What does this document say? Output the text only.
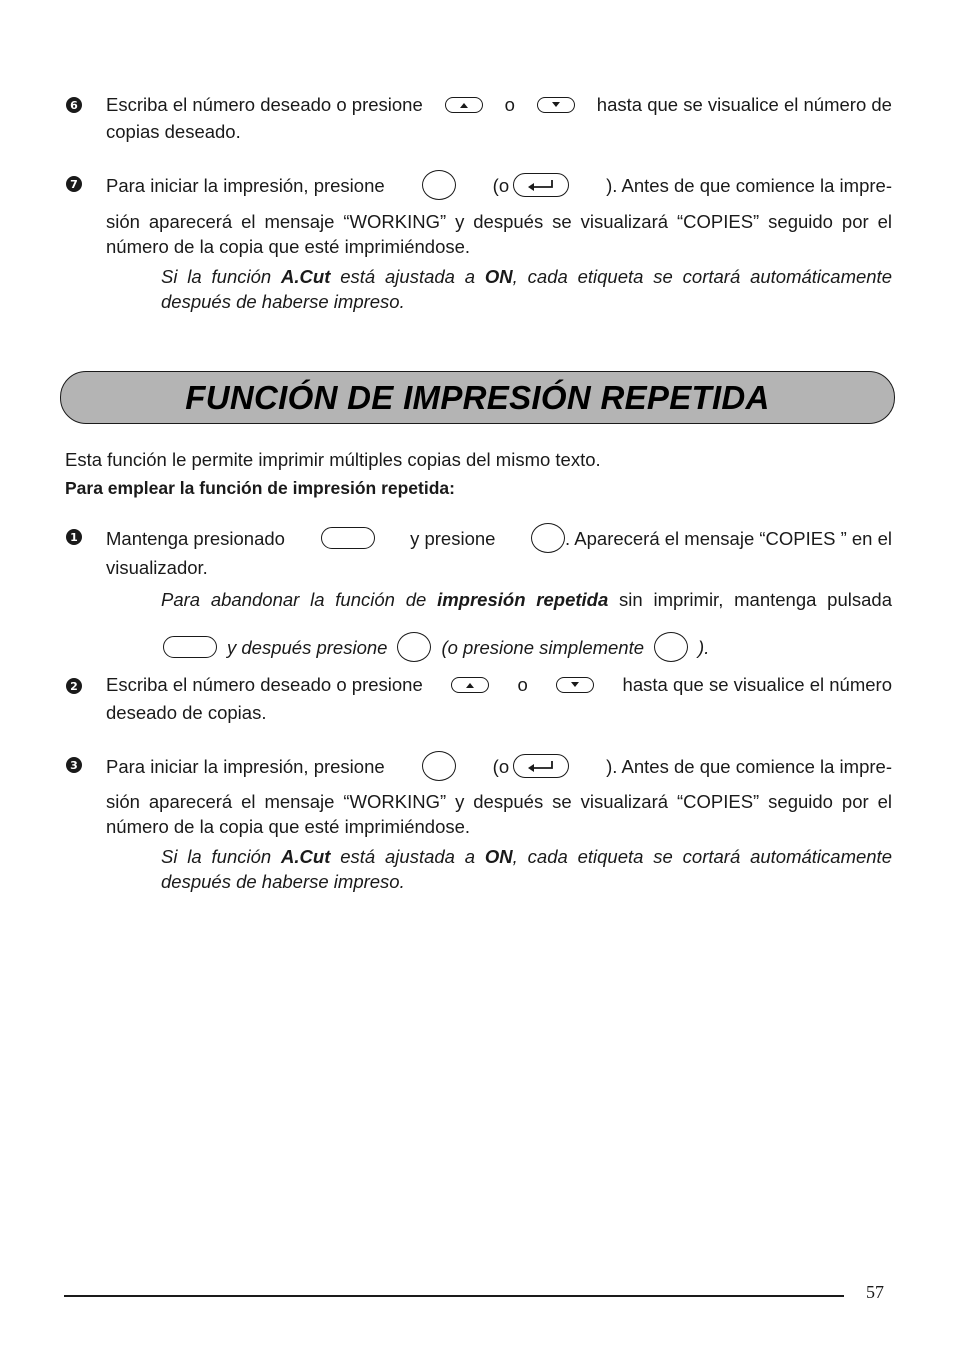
6 Escriba el número deseado o presione	o	hasta que se visualice el número de
copias deseado.
7 Para iniciar la impresión, presione	(o	). Antes de que comience la impre-
sión aparecerá el mensaje “WORKING” y después se visualizará “COPIES” seguido por el
número de la copia que esté imprimiéndose.
Si la función A.Cut está ajustada a ON, cada etiqueta se cortará automáticamente
después de haberse impreso.
FUNCIÓN DE IMPRESIÓN REPETIDA
Esta función le permite imprimir múltiples copias del mismo texto.
Para emplear la función de impresión repetida:
1 Mantenga presionado	y presione	. Aparecerá el mensaje “COPIES ” en el
visualizador.
Para abandonar la función de impresión repetida sin imprimir, mantenga pulsada
y después presione	(o presione simplemente	).
2 Escriba el número deseado o presione	o	hasta que se visualice el número
deseado de copias.
3 Para iniciar la impresión, presione	(o	). Antes de que comience la impre-
sión aparecerá el mensaje “WORKING” y después se visualizará “COPIES” seguido por el
número de la copia que esté imprimiéndose.
Si la función A.Cut está ajustada a ON, cada etiqueta se cortará automáticamente
después de haberse impreso.
57
